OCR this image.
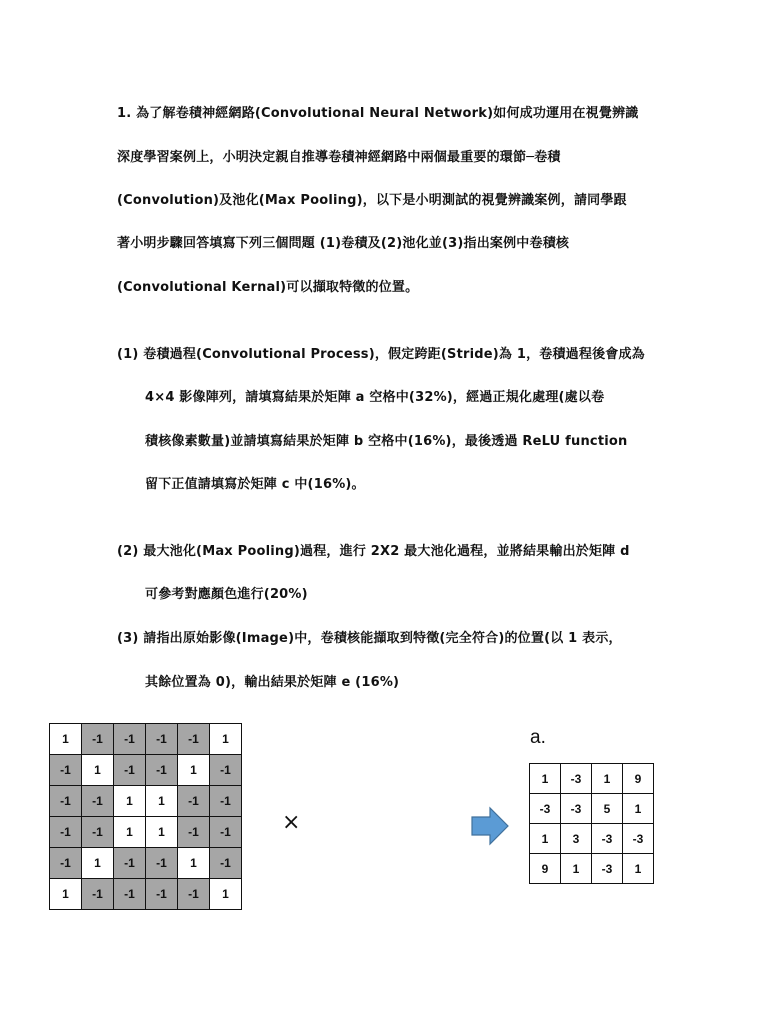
1. 為了解卷積神經網路(Convolutional Neural Network)如何成功運用在視覺辨識
深度學習案例上，小明決定親自推導卷積神經網路中兩個最重要的環節─卷積
(Convolution)及池化(Max Pooling)，以下是小明測試的視覺辨識案例，請同學跟
著小明步驟回答填寫下列三個問題 (1)卷積及(2)池化並(3)指出案例中卷積核
(Convolutional Kernal)可以擷取特徵的位置。
(1) 卷積過程(Convolutional Process)，假定跨距(Stride)為 1，卷積過程後會成為
4×4 影像陣列，請填寫結果於矩陣 a 空格中(32%)，經過正規化處理(處以卷
積核像素數量)並請填寫結果於矩陣 b 空格中(16%)，最後透過 ReLU function
留下正值請填寫於矩陣 c 中(16%)。
(2) 最大池化(Max Pooling)過程，進行 2X2 最大池化過程，並將結果輸出於矩陣 d
可參考對應顏色進行(20%)
(3) 請指出原始影像(Image)中，卷積核能擷取到特徵(完全符合)的位置(以 1 表示，
其餘位置為 0)，輸出結果於矩陣 e (16%)
1	-1	-1	-1	-1	1
-1	1	-1	-1	1	-1
-1	-1	1	1	-1	-1
-1	-1	1	1	-1	-1
-1	1	-1	-1	1	-1
1	-1	-1	-1	-1	1
×
a.
1	-3	1	9
-3	-3	5	1
1	3	-3	-3
9	1	-3	1
